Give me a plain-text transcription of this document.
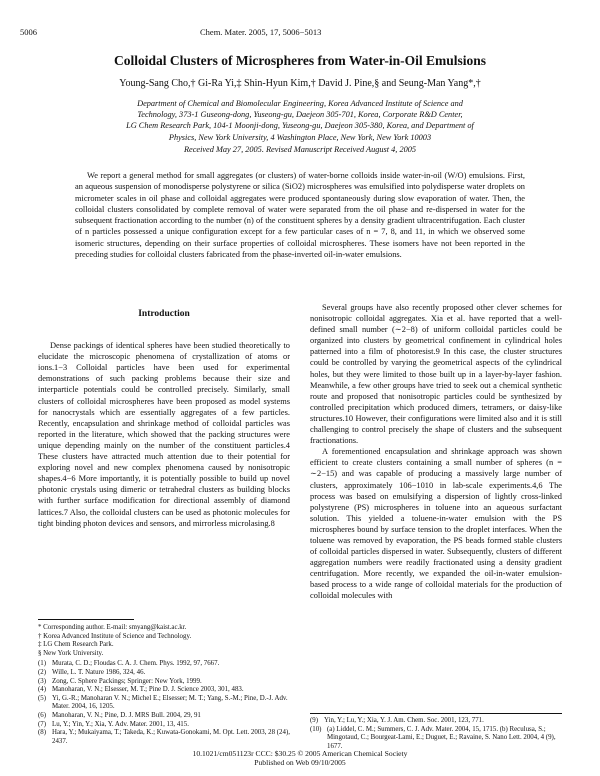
5006	Chem. Mater. 2005, 17, 5006−5013
Colloidal Clusters of Microspheres from Water-in-Oil Emulsions
Young-Sang Cho,† Gi-Ra Yi,‡ Shin-Hyun Kim,† David J. Pine,§ and Seung-Man Yang*,†
Department of Chemical and Biomolecular Engineering, Korea Advanced Institute of Science and
Technology, 373-1 Guseong-dong, Yuseong-gu, Daejeon 305-701, Korea, Corporate R&D Center,
LG Chem Research Park, 104-1 Moonji-dong, Yuseong-gu, Daejeon 305-380, Korea, and Department of
Physics, New York University, 4 Washington Place, New York, New York 10003
Received May 27, 2005. Revised Manuscript Received August 4, 2005

We report a general method for small aggregates (or clusters) of water-borne colloids inside water-in-oil (W/O) emulsions. First, an aqueous suspension of monodisperse polystyrene or silica (SiO2) microspheres was emulsified into polydisperse water droplets on micrometer scales in oil phase and colloidal aggregates were produced spontaneously during slow evaporation of water. Then, the colloidal clusters consolidated by complete removal of water were separated from the oil phase and re-dispersed in water for the subsequent fractionation according to the number (n) of the constituent spheres by a density gradient ultracentrifugation. Each cluster of n particles possessed a unique configuration except for a few particular cases of n = 7, 8, and 11, in which we observed some isomeric structures, depending on their surface properties of colloidal microspheres. These isomers have not been reported in the preceding studies for colloidal clusters fabricated from the phase-inverted oil-in-water emulsions.

Introduction

Dense packings of identical spheres have been studied theoretically to elucidate the microscopic phenomena of crystallization of atoms or ions.1−3 Colloidal particles have been used for experimental demonstrations of such packing problems because their size and interparticle potentials could be controlled precisely. Similarly, small clusters of colloidal microspheres have been proposed as model systems for nanocrystals which are essentially aggregates of a few particles. Recently, encapsulation and shrinkage method of colloidal particles was reported in the literature, which showed that the packing structures were unique depending mainly on the number of the constituent particles.4 These clusters have attracted much attention due to their potential for exploring novel and new complex phenomena caused by nonisotropic shapes.4−6 More importantly, it is potentially possible to build up novel photonic crystals using dimeric or tetrahedral clusters as building blocks with further surface modification for directional assembly of diamond lattices.7 Also, the colloidal clusters can be used as photonic molecules for tight binding photon devices and sensors, and mirrorless microlasing.8

Several groups have also recently proposed other clever schemes for nonisotropic colloidal aggregates. Xia et al. have reported that a well-defined small number (∼2−8) of uniform colloidal particles could be organized into clusters by geometrical confinement in cylindrical holes patterned into a film of photoresist.9 In this case, the cluster structures could be controlled by varying the geometrical aspects of the cylindrical holes, but they were limited to those built up in a layer-by-layer fashion. Meanwhile, a few other groups have tried to seek out a chemical synthetic route and proposed that nonisotropic particles could be synthesized by controlled precipitation which produced dimers, tetramers, or daisy-like structures.10 However, their configurations were limited also and it is still challenging to control precisely the shape of clusters and the subsequent fractionations.

A forementioned encapsulation and shrinkage approach was shown efficient to create clusters containing a small number of spheres (n = ∼2−15) and was capable of producing a massively large number of clusters, approximately 106−1010 in lab-scale experiments.4,6 The process was based on emulsifying a dispersion of lightly cross-linked polystyrene (PS) microspheres in toluene into an aqueous surfactant solution. This yielded a toluene-in-water emulsion with the PS microspheres bound by surface tension to the droplet interfaces. When the toluene was removed by evaporation, the PS beads formed stable clusters of colloidal particles dispersed in water. Subsequently, clusters of different aggregation numbers were readily fractionated using a density gradient centrifugation. More recently, we expanded the oil-in-water emulsion-based process to a wide range of colloidal materials for the production of colloidal molecules with

* Corresponding author. E-mail: smyang@kaist.ac.kr.

† Korea Advanced Institute of Science and Technology.

‡ LG Chem Research Park.

§ New York University.

(1) Murata, C. D.; Floudas C. A. J. Chem. Phys. 1992, 97, 7667.
(2) Wille, L. T. Nature 1986, 324, 46.
(3) Zong, C. Sphere Packings; Springer: New York, 1999.
(4) Manoharan, V. N.; Elsesser, M. T.; Pine D. J. Science 2003, 301, 483.
(5) Yi, G.-R.; Manoharan V. N.; Michel E.; Elsesser; M. T.; Yang, S.-M.; Pine, D.-J. Adv. Mater. 2004, 16, 1205.
(6) Manoharan, V. N.; Pine, D. J. MRS Bull. 2004, 29, 91
(7) Lu, Y.; Yin, Y.; Xia, Y. Adv. Mater. 2001, 13, 415.
(8) Hara, Y.; Mukaiyama, T.; Takeda, K.; Kuwata-Gonokami, M. Opt. Lett. 2003, 28 (24), 2437.
(9) Yin, Y.; Lu, Y.; Xia, Y. J. Am. Chem. Soc. 2001, 123, 771.
(10) (a) Liddel, C. M.; Summers, C. J. Adv. Mater. 2004, 15, 1715. (b) Reculusa, S.; Mingotaud, C.; Bourgeat-Lami, E.; Duguet, E.; Ravaine, S. Nano Lett. 2004, 4 (9), 1677.
10.1021/cm051123r CCC: $30.25 © 2005 American Chemical Society
Published on Web 09/10/2005
